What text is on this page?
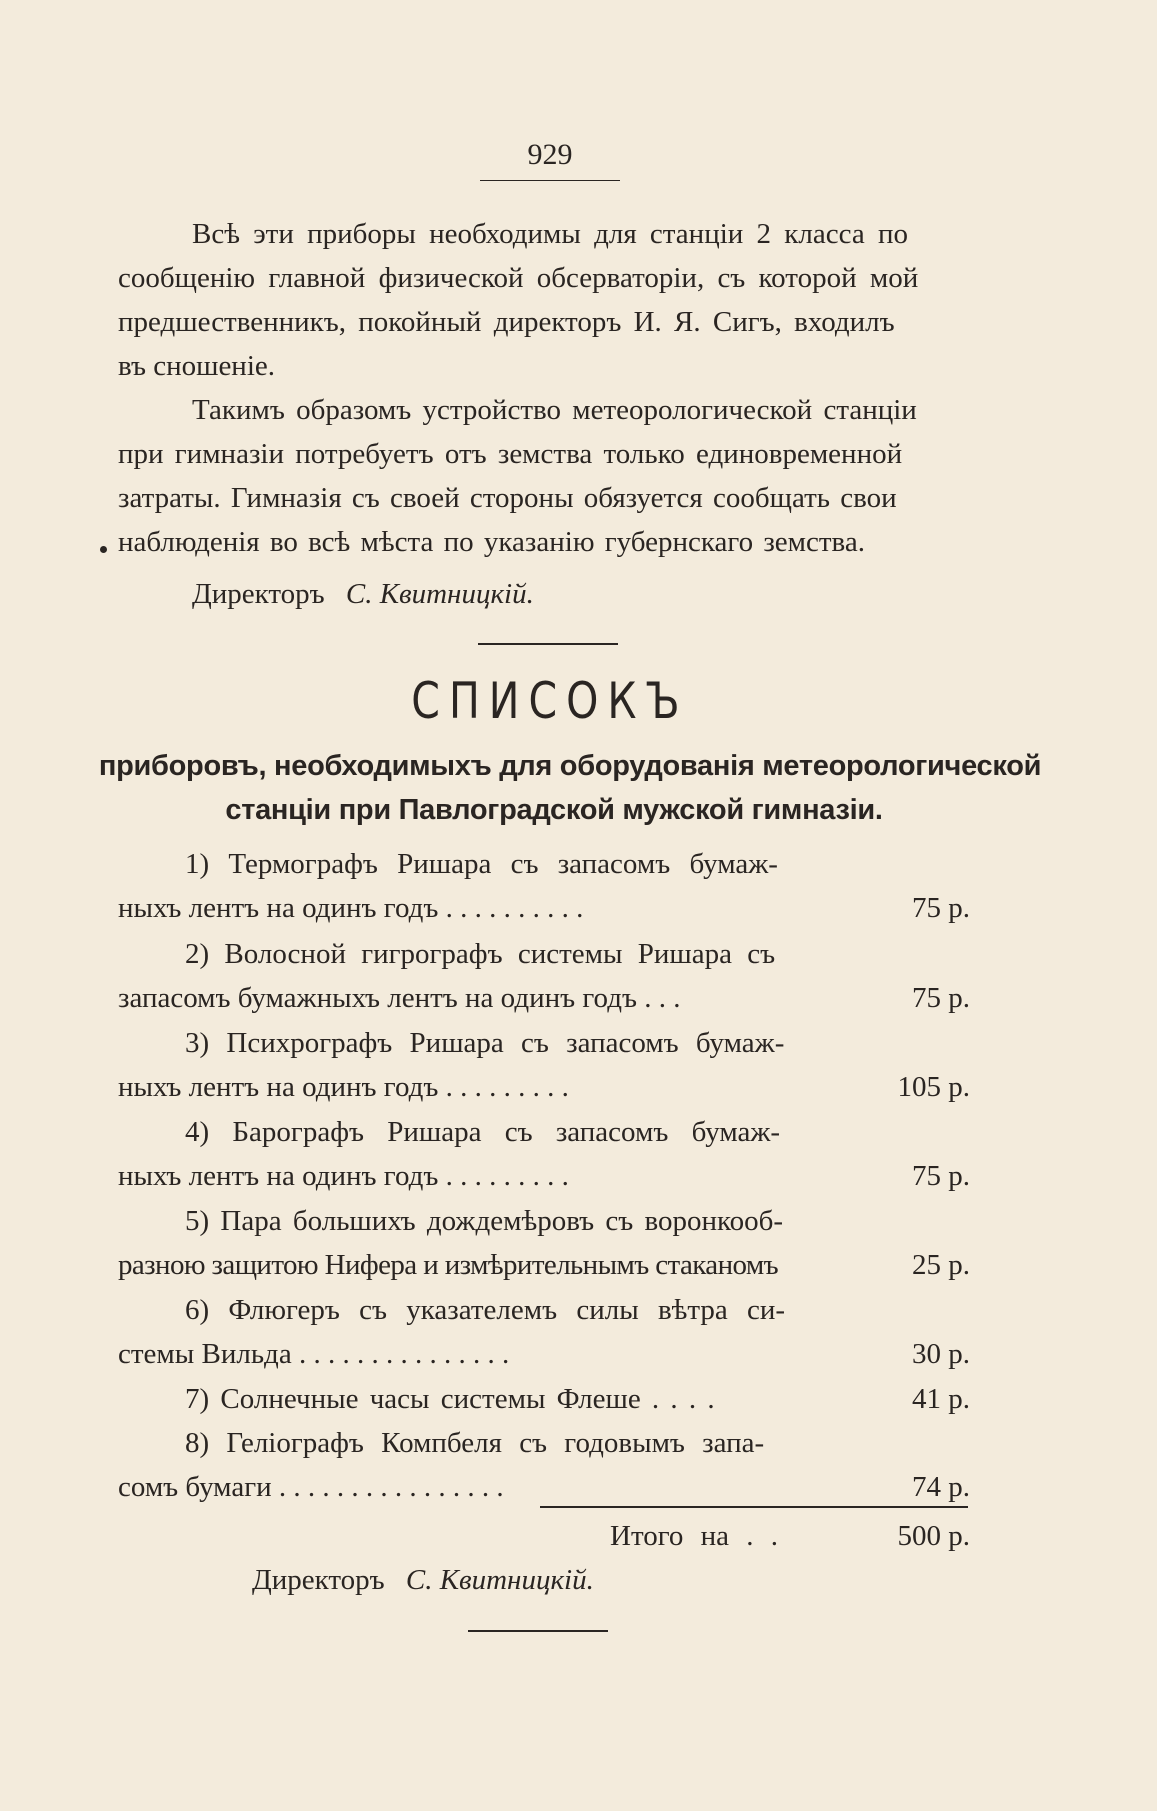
929
Всѣ эти приборы необходимы для станціи 2 класса по
сообщенію главной физической обсерваторіи, съ которой мой
предшественникъ, покойный директоръ И. Я. Сигъ, входилъ
въ сношеніе.
Такимъ образомъ устройство метеорологической станціи
при гимназіи потребуетъ отъ земства только единовременной
затраты. Гимназія съ своей стороны обязуется сообщать свои
наблюденія во всѣ мѣста по указанію губернскаго земства.
Директоръ С. Квитницкій.
СПИСОКЪ
приборовъ, необходимыхъ для оборудованія метеорологической
станціи при Павлоградской мужской гимназіи.
1) Термографъ Ришара съ запасомъ бумаж-
ныхъ лентъ на одинъ годъ . . . . . . . . . .	75 р.
2) Волосной гигрографъ системы Ришара съ
запасомъ бумажныхъ лентъ на одинъ годъ . . .	75 р.
3) Психрографъ Ришара съ запасомъ бумаж-
ныхъ лентъ на одинъ годъ . . . . . . . . .	105 р.
4) Барографъ Ришара съ запасомъ бумаж-
ныхъ лентъ на одинъ годъ . . . . . . . . .	75 р.
5) Пара большихъ дождемѣровъ съ воронкооб-
разною защитою Нифера и измѣрительнымъ стаканомъ	25 р.
6) Флюгеръ съ указателемъ силы вѣтра си-
стемы Вильда . . . . . . . . . . . . . . .	30 р.
7) Солнечные часы системы Флеше . . . .	41 р.
8) Геліографъ Компбеля съ годовымъ запа-
сомъ бумаги . . . . . . . . . . . . . . . .	74 р.
Итого на . .	500 р.
Директоръ С. Квитницкій.
